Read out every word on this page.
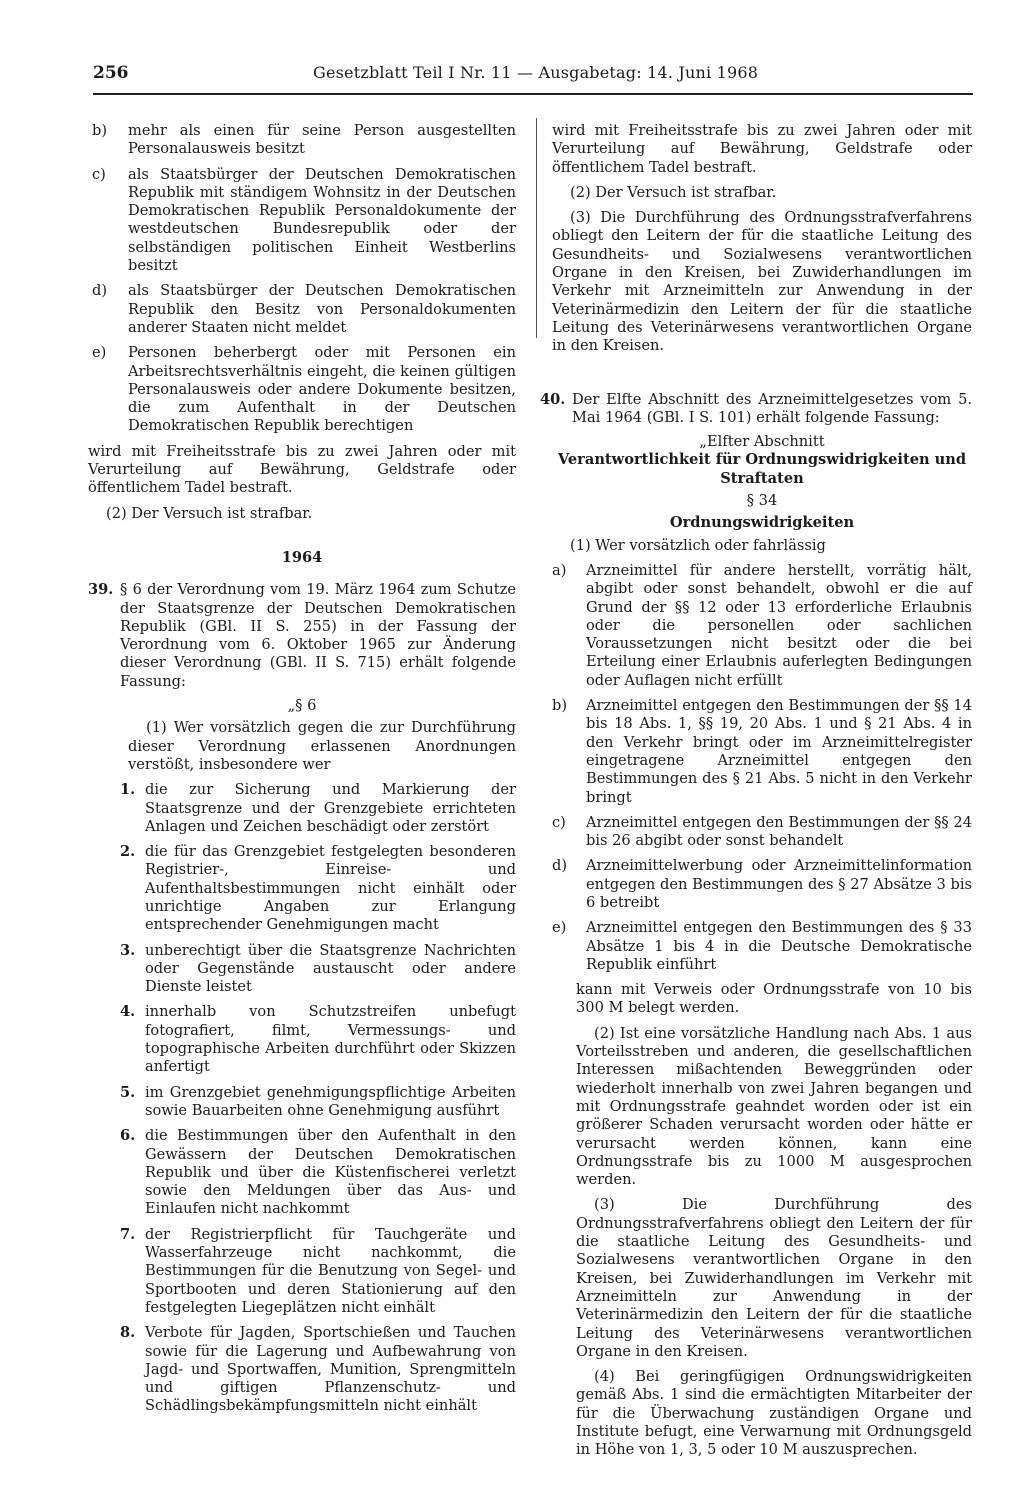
256	Gesetzblatt Teil I Nr. 11 — Ausgabetag: 14. Juni 1968
b)	mehr als einen für seine Person ausgestellten Personalausweis besitzt
c)	als Staatsbürger der Deutschen Demokratischen Republik mit ständigem Wohnsitz in der Deutschen Demokratischen Republik Personaldokumente der westdeutschen Bundesrepublik oder der selbständigen politischen Einheit Westberlins besitzt
d)	als Staatsbürger der Deutschen Demokratischen Republik den Besitz von Personaldokumenten anderer Staaten nicht meldet
e)	Personen beherbergt oder mit Personen ein Arbeitsrechtsverhältnis eingeht, die keinen gültigen Personalausweis oder andere Dokumente besitzen, die zum Aufenthalt in der Deutschen Demokratischen Republik berechtigen

wird mit Freiheitsstrafe bis zu zwei Jahren oder mit Verurteilung auf Bewährung, Geldstrafe oder öffentlichem Tadel bestraft.

(2) Der Versuch ist strafbar.

1964
39. § 6 der Verordnung vom 19. März 1964 zum Schutze der Staatsgrenze der Deutschen Demokratischen Republik (GBl. II S. 255) in der Fassung der Verordnung vom 6. Oktober 1965 zur Änderung dieser Verordnung (GBl. II S. 715) erhält folgende Fassung:
„§ 6

(1) Wer vorsätzlich gegen die zur Durchführung dieser Verordnung erlassenen Anordnungen verstößt, insbesondere wer

1. die zur Sicherung und Markierung der Staatsgrenze und der Grenzgebiete errichteten Anlagen und Zeichen beschädigt oder zerstört
2. die für das Grenzgebiet festgelegten besonderen Registrier-, Einreise- und Aufenthaltsbestimmungen nicht einhält oder unrichtige Angaben zur Erlangung entsprechender Genehmigungen macht
3. unberechtigt über die Staatsgrenze Nachrichten oder Gegenstände austauscht oder andere Dienste leistet
4. innerhalb von Schutzstreifen unbefugt fotografiert, filmt, Vermessungs- und topographische Arbeiten durchführt oder Skizzen anfertigt
5. im Grenzgebiet genehmigungspflichtige Arbeiten sowie Bauarbeiten ohne Genehmigung ausführt
6. die Bestimmungen über den Aufenthalt in den Gewässern der Deutschen Demokratischen Republik und über die Küstenfischerei verletzt sowie den Meldungen über das Aus- und Einlaufen nicht nachkommt
7. der Registrierpflicht für Tauchgeräte und Wasserfahrzeuge nicht nachkommt, die Bestimmungen für die Benutzung von Segel- und Sportbooten und deren Stationierung auf den festgelegten Liegeplätzen nicht einhält
8. Verbote für Jagden, Sportschießen und Tauchen sowie für die Lagerung und Aufbewahrung von Jagd- und Sportwaffen, Munition, Sprengmitteln und giftigen Pflanzenschutz- und Schädlingsbekämpfungsmitteln nicht einhält

wird mit Freiheitsstrafe bis zu zwei Jahren oder mit Verurteilung auf Bewährung, Geldstrafe oder öffentlichem Tadel bestraft.

(2) Der Versuch ist strafbar.

(3) Die Durchführung des Ordnungsstrafverfahrens obliegt den Leitern der für die staatliche Leitung des Gesundheits- und Sozialwesens verantwortlichen Organe in den Kreisen, bei Zuwiderhandlungen im Verkehr mit Arzneimitteln zur Anwendung in der Veterinärmedizin den Leitern der für die staatliche Leitung des Veterinärwesens verantwortlichen Organe in den Kreisen.

40. Der Elfte Abschnitt des Arzneimittelgesetzes vom 5. Mai 1964 (GBl. I S. 101) erhält folgende Fassung:
„Elfter Abschnitt
Verantwortlichkeit für Ordnungswidrigkeiten und Straftaten
§ 34
Ordnungswidrigkeiten

(1) Wer vorsätzlich oder fahrlässig

a)	Arzneimittel für andere herstellt, vorrätig hält, abgibt oder sonst behandelt, obwohl er die auf Grund der §§ 12 oder 13 erforderliche Erlaubnis oder die personellen oder sachlichen Voraussetzungen nicht besitzt oder die bei Erteilung einer Erlaubnis auferlegten Bedingungen oder Auflagen nicht erfüllt
b)	Arzneimittel entgegen den Bestimmungen der §§ 14 bis 18 Abs. 1, §§ 19, 20 Abs. 1 und § 21 Abs. 4 in den Verkehr bringt oder im Arzneimittelregister eingetragene Arzneimittel entgegen den Bestimmungen des § 21 Abs. 5 nicht in den Verkehr bringt
c)	Arzneimittel entgegen den Bestimmungen der §§ 24 bis 26 abgibt oder sonst behandelt
d)	Arzneimittelwerbung oder Arzneimittelinformation entgegen den Bestimmungen des § 27 Absätze 3 bis 6 betreibt
e)	Arzneimittel entgegen den Bestimmungen des § 33 Absätze 1 bis 4 in die Deutsche Demokratische Republik einführt

kann mit Verweis oder Ordnungsstrafe von 10 bis 300 M belegt werden.

(2) Ist eine vorsätzliche Handlung nach Abs. 1 aus Vorteilsstreben und anderen, die gesellschaftlichen Interessen mißachtenden Beweggründen oder wiederholt innerhalb von zwei Jahren begangen und mit Ordnungsstrafe geahndet worden oder ist ein größerer Schaden verursacht worden oder hätte er verursacht werden können, kann eine Ordnungsstrafe bis zu 1000 M ausgesprochen werden.

(3) Die Durchführung des Ordnungsstrafverfahrens obliegt den Leitern der für die staatliche Leitung des Gesundheits- und Sozialwesens verantwortlichen Organe in den Kreisen, bei Zuwiderhandlungen im Verkehr mit Arzneimitteln zur Anwendung in der Veterinärmedizin den Leitern der für die staatliche Leitung des Veterinärwesens verantwortlichen Organe in den Kreisen.

(4) Bei geringfügigen Ordnungswidrigkeiten gemäß Abs. 1 sind die ermächtigten Mitarbeiter der für die Überwachung zuständigen Organe und Institute befugt, eine Verwarnung mit Ordnungsgeld in Höhe von 1, 3, 5 oder 10 M auszusprechen.
